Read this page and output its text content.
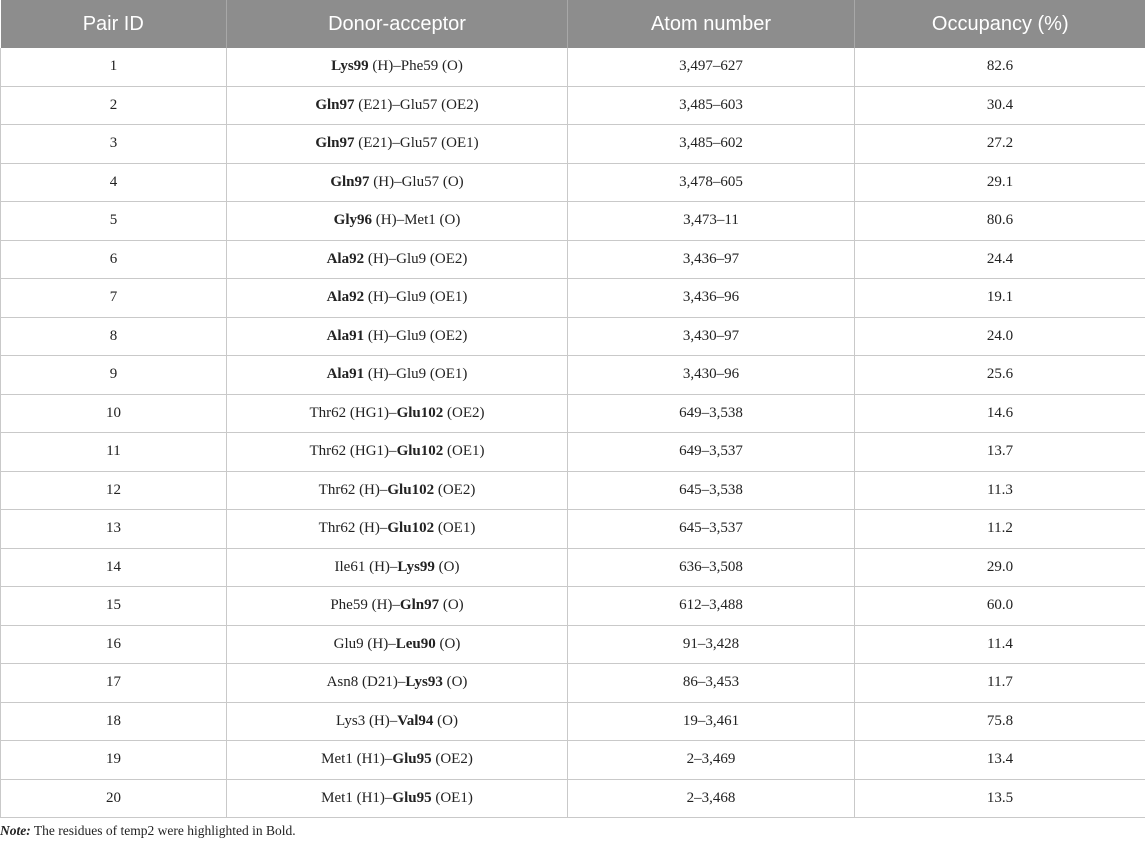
Pair ID	Donor-acceptor	Atom number	Occupancy (%)
1	Lys99 (H)–Phe59 (O)	3,497–627	82.6
2	Gln97 (E21)–Glu57 (OE2)	3,485–603	30.4
3	Gln97 (E21)–Glu57 (OE1)	3,485–602	27.2
4	Gln97 (H)–Glu57 (O)	3,478–605	29.1
5	Gly96 (H)–Met1 (O)	3,473–11	80.6
6	Ala92 (H)–Glu9 (OE2)	3,436–97	24.4
7	Ala92 (H)–Glu9 (OE1)	3,436–96	19.1
8	Ala91 (H)–Glu9 (OE2)	3,430–97	24.0
9	Ala91 (H)–Glu9 (OE1)	3,430–96	25.6
10	Thr62 (HG1)–Glu102 (OE2)	649–3,538	14.6
11	Thr62 (HG1)–Glu102 (OE1)	649–3,537	13.7
12	Thr62 (H)–Glu102 (OE2)	645–3,538	11.3
13	Thr62 (H)–Glu102 (OE1)	645–3,537	11.2
14	Ile61 (H)–Lys99 (O)	636–3,508	29.0
15	Phe59 (H)–Gln97 (O)	612–3,488	60.0
16	Glu9 (H)–Leu90 (O)	91–3,428	11.4
17	Asn8 (D21)–Lys93 (O)	86–3,453	11.7
18	Lys3 (H)–Val94 (O)	19–3,461	75.8
19	Met1 (H1)–Glu95 (OE2)	2–3,469	13.4
20	Met1 (H1)–Glu95 (OE1)	2–3,468	13.5
Note: The residues of temp2 were highlighted in Bold.
